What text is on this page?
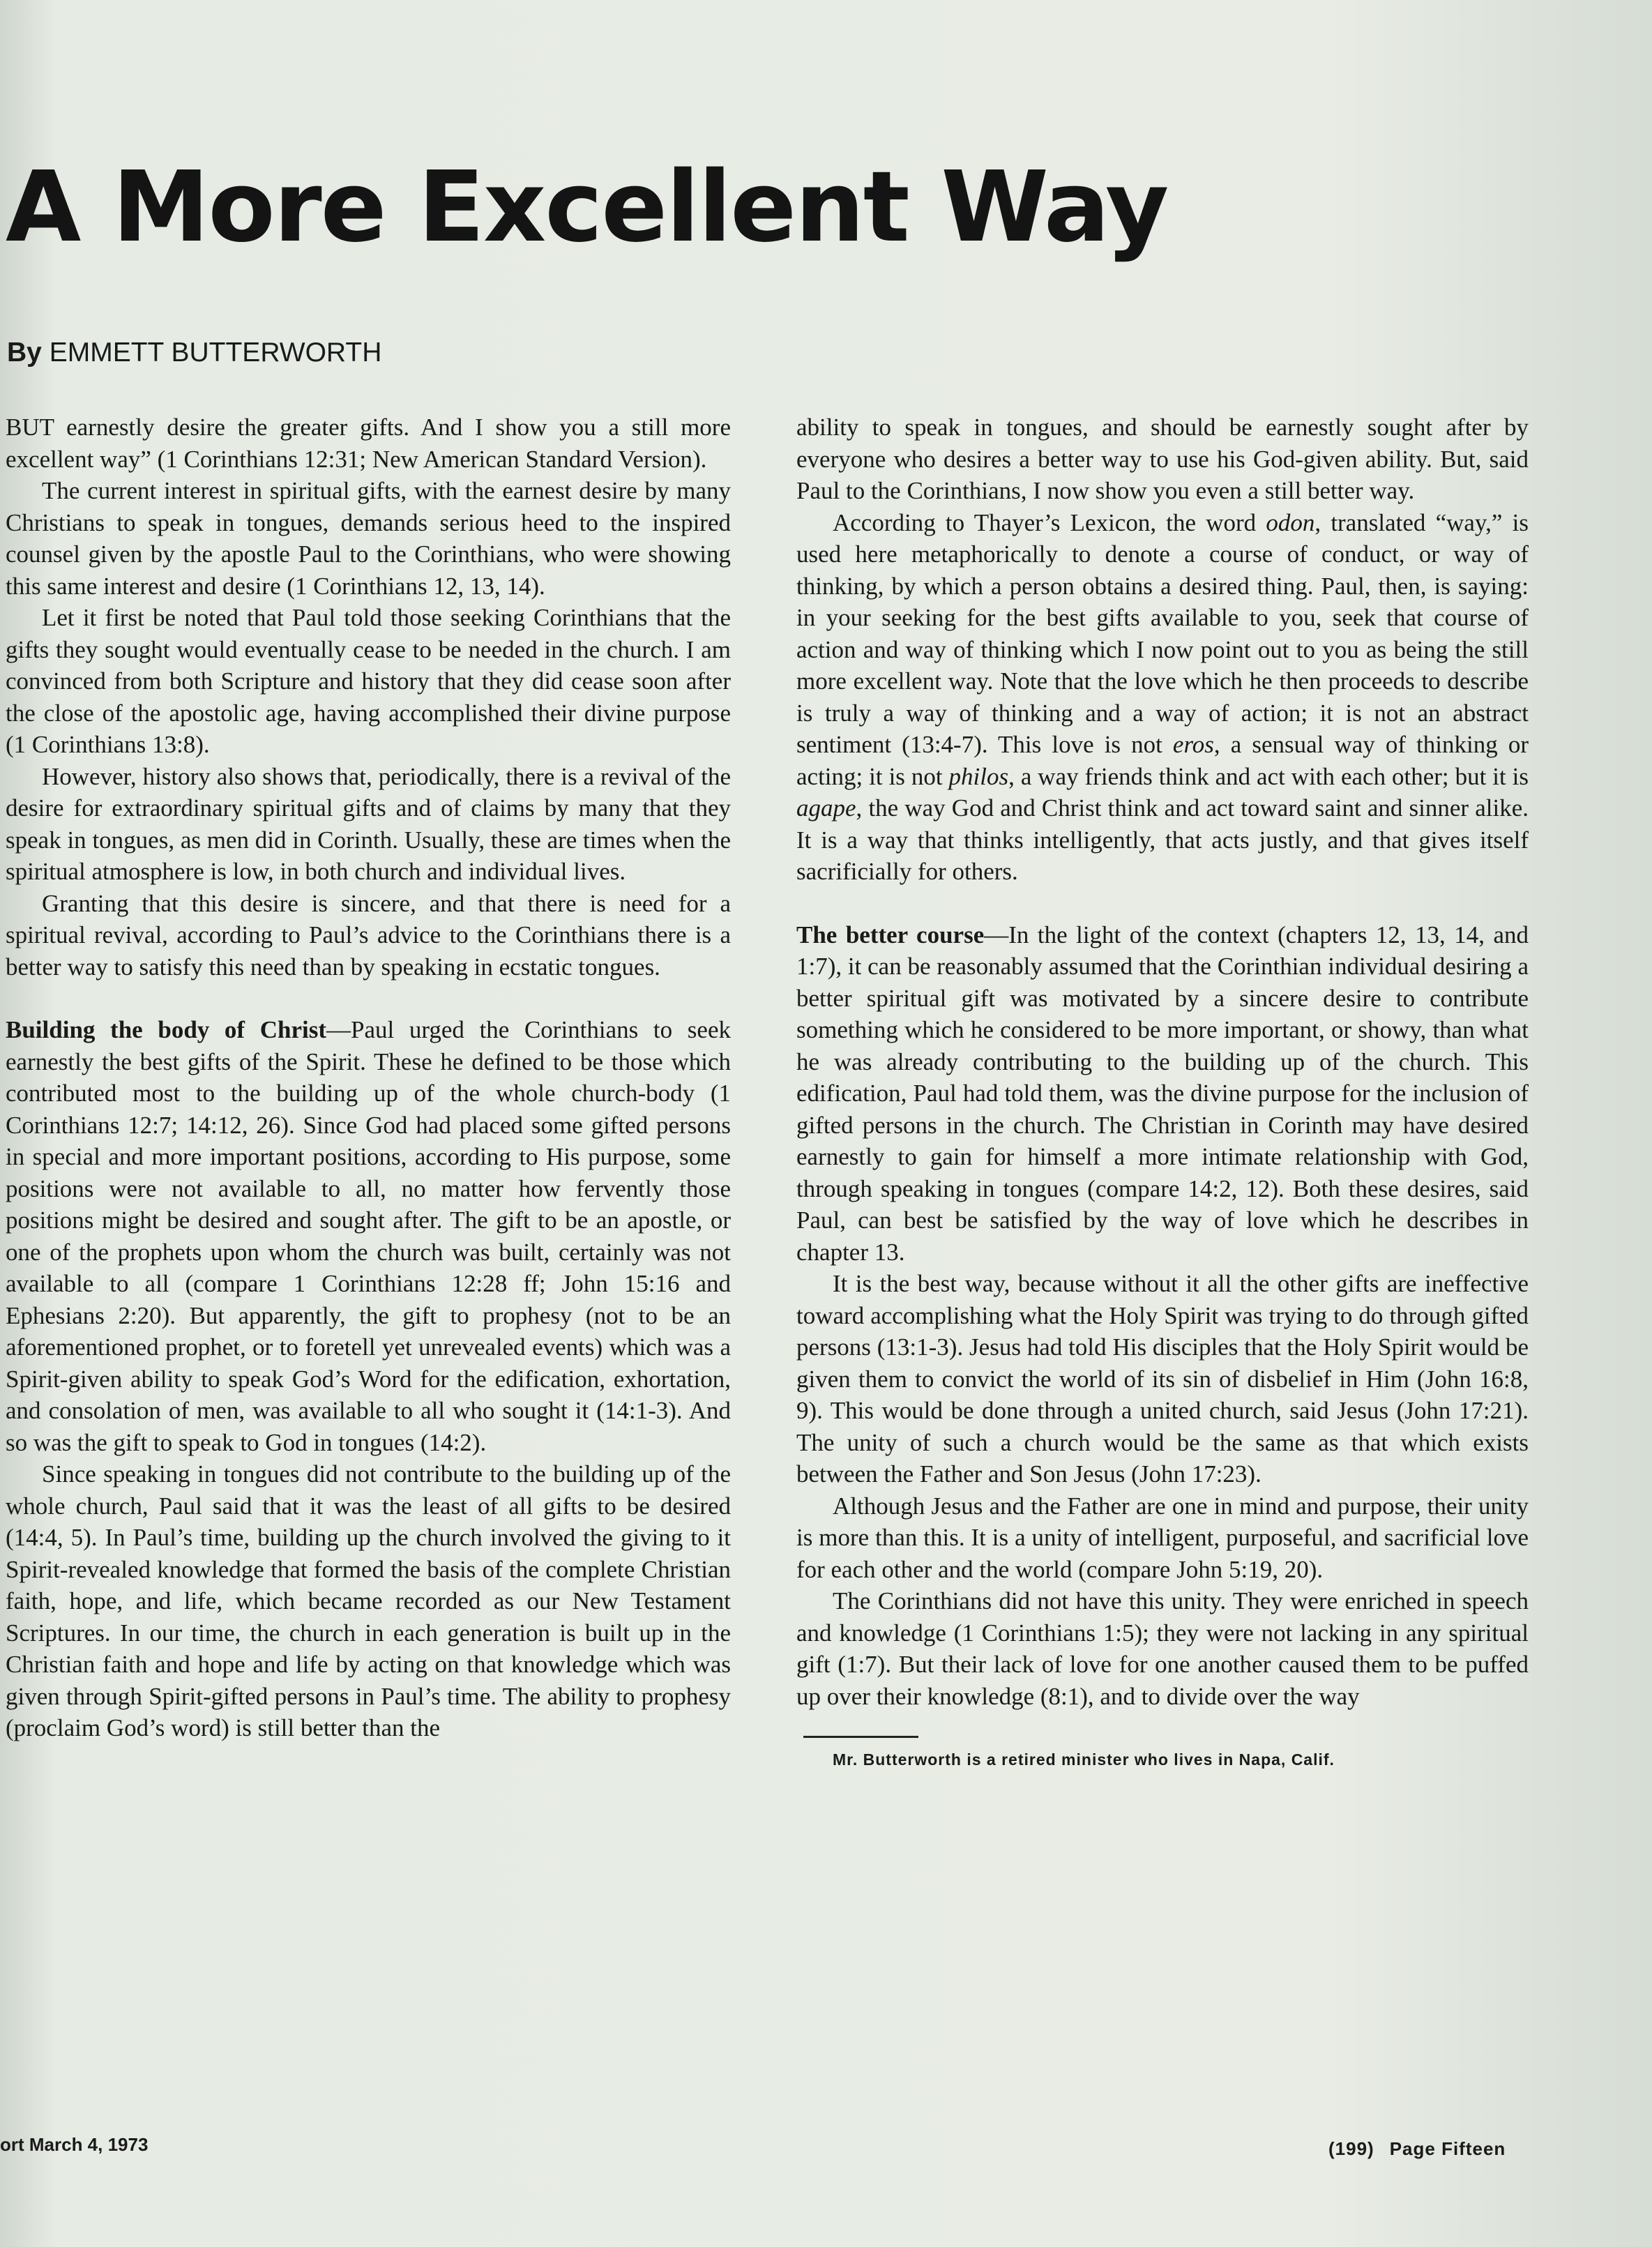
A More Excellent Way
By EMMETT BUTTERWORTH

BUT earnestly desire the greater gifts. And I show you a still more excellent way” (1 Corinthians 12:31; New American Standard Version).

The current interest in spiritual gifts, with the earnest desire by many Christians to speak in tongues, demands serious heed to the inspired counsel given by the apostle Paul to the Corinthians, who were showing this same interest and desire (1 Corinthians 12, 13, 14).

Let it first be noted that Paul told those seeking Corinthians that the gifts they sought would eventually cease to be needed in the church. I am convinced from both Scripture and history that they did cease soon after the close of the apostolic age, having accomplished their divine purpose (1 Corinthians 13:8).

However, history also shows that, periodically, there is a revival of the desire for extraordinary spiritual gifts and of claims by many that they speak in tongues, as men did in Corinth. Usually, these are times when the spiritual atmosphere is low, in both church and individual lives.

Granting that this desire is sincere, and that there is need for a spiritual revival, according to Paul’s advice to the Corinthians there is a better way to satisfy this need than by speaking in ecstatic tongues.

Building the body of Christ—Paul urged the Corinthians to seek earnestly the best gifts of the Spirit. These he defined to be those which contributed most to the building up of the whole church-body (1 Corinthians 12:7; 14:12, 26). Since God had placed some gifted persons in special and more important positions, according to His purpose, some positions were not available to all, no matter how fervently those positions might be desired and sought after. The gift to be an apostle, or one of the prophets upon whom the church was built, certainly was not available to all (compare 1 Corinthians 12:28 ff; John 15:16 and Ephesians 2:20). But apparently, the gift to prophesy (not to be an aforementioned prophet, or to foretell yet unrevealed events) which was a Spirit-given ability to speak God’s Word for the edification, exhortation, and consolation of men, was available to all who sought it (14:1-3). And so was the gift to speak to God in tongues (14:2).

Since speaking in tongues did not contribute to the building up of the whole church, Paul said that it was the least of all gifts to be desired (14:4, 5). In Paul’s time, building up the church involved the giving to it Spirit-revealed knowledge that formed the basis of the complete Christian faith, hope, and life, which became recorded as our New Testament Scriptures. In our time, the church in each generation is built up in the Christian faith and hope and life by acting on that knowledge which was given through Spirit-gifted persons in Paul’s time. The ability to prophesy (proclaim God’s word) is still better than the

ability to speak in tongues, and should be earnestly sought after by everyone who desires a better way to use his God-given ability. But, said Paul to the Corinthians, I now show you even a still better way.

According to Thayer’s Lexicon, the word odon, translated “way,” is used here metaphorically to denote a course of conduct, or way of thinking, by which a person obtains a desired thing. Paul, then, is saying: in your seeking for the best gifts available to you, seek that course of action and way of thinking which I now point out to you as being the still more excellent way. Note that the love which he then proceeds to describe is truly a way of thinking and a way of action; it is not an abstract sentiment (13:4-7). This love is not eros, a sensual way of thinking or acting; it is not philos, a way friends think and act with each other; but it is agape, the way God and Christ think and act toward saint and sinner alike. It is a way that thinks intelligently, that acts justly, and that gives itself sacrificially for others.

The better course—In the light of the context (chapters 12, 13, 14, and 1:7), it can be reasonably assumed that the Corinthian individual desiring a better spiritual gift was motivated by a sincere desire to contribute something which he considered to be more important, or showy, than what he was already contributing to the building up of the church. This edification, Paul had told them, was the divine purpose for the inclusion of gifted persons in the church. The Christian in Corinth may have desired earnestly to gain for himself a more intimate relationship with God, through speaking in tongues (compare 14:2, 12). Both these desires, said Paul, can best be satisfied by the way of love which he describes in chapter 13.

It is the best way, because without it all the other gifts are ineffective toward accomplishing what the Holy Spirit was trying to do through gifted persons (13:1-3). Jesus had told His disciples that the Holy Spirit would be given them to convict the world of its sin of disbelief in Him (John 16:8, 9). This would be done through a united church, said Jesus (John 17:21). The unity of such a church would be the same as that which exists between the Father and Son Jesus (John 17:23).

Although Jesus and the Father are one in mind and purpose, their unity is more than this. It is a unity of intelligent, purposeful, and sacrificial love for each other and the world (compare John 5:19, 20).

The Corinthians did not have this unity. They were enriched in speech and knowledge (1 Corinthians 1:5); they were not lacking in any spiritual gift (1:7). But their lack of love for one another caused them to be puffed up over their knowledge (8:1), and to divide over the way

Mr. Butterworth is a retired minister who lives in Napa, Calif.

ort March 4, 1973	(199) Page Fifteen
